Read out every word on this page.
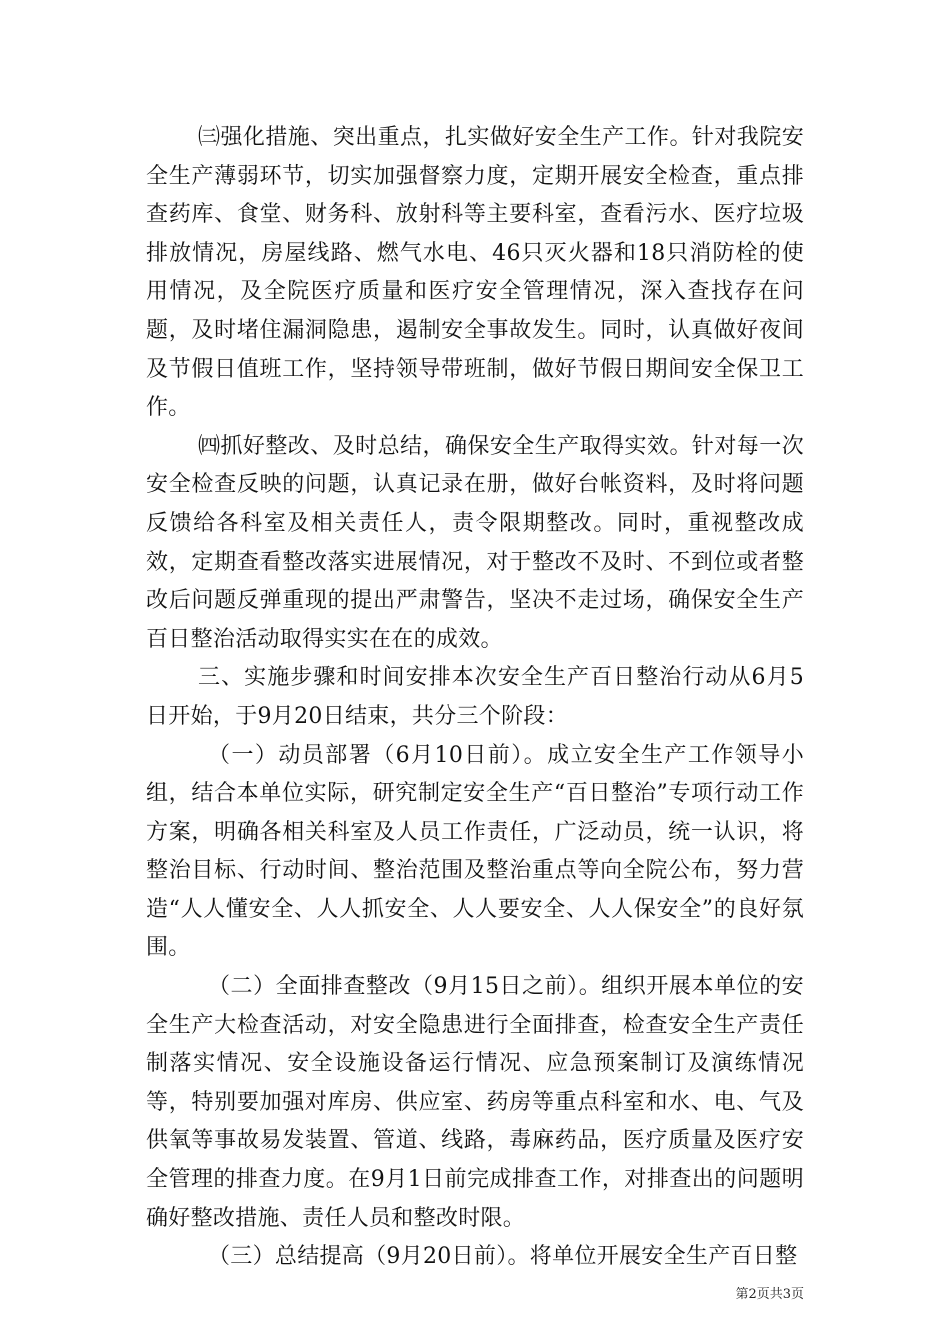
㈢强化措施、突出重点，扎实做好安全生产工作。针对我院安全生产薄弱环节，切实加强督察力度，定期开展安全检查，重点排查药库、食堂、财务科、放射科等主要科室，查看污水、医疗垃圾排放情况，房屋线路、燃气水电、46只灭火器和18只消防栓的使用情况，及全院医疗质量和医疗安全管理情况，深入查找存在问题，及时堵住漏洞隐患，遏制安全事故发生。同时，认真做好夜间及节假日值班工作，坚持领导带班制，做好节假日期间安全保卫工作。

㈣抓好整改、及时总结，确保安全生产取得实效。针对每一次安全检查反映的问题，认真记录在册，做好台帐资料，及时将问题反馈给各科室及相关责任人，责令限期整改。同时，重视整改成效，定期查看整改落实进展情况，对于整改不及时、不到位或者整改后问题反弹重现的提出严肃警告，坚决不走过场，确保安全生产百日整治活动取得实实在在的成效。

三、实施步骤和时间安排本次安全生产百日整治行动从6月5日开始，于9月20日结束，共分三个阶段：

（一）动员部署（6月10日前）。成立安全生产工作领导小组，结合本单位实际，研究制定安全生产“百日整治”专项行动工作方案，明确各相关科室及人员工作责任，广泛动员，统一认识，将整治目标、行动时间、整治范围及整治重点等向全院公布，努力营造“人人懂安全、人人抓安全、人人要安全、人人保安全”的良好氛围。

（二）全面排查整改（9月15日之前）。组织开展本单位的安全生产大检查活动，对安全隐患进行全面排查，检查安全生产责任制落实情况、安全设施设备运行情况、应急预案制订及演练情况等，特别要加强对库房、供应室、药房等重点科室和水、电、气及供氧等事故易发装置、管道、线路，毒麻药品，医疗质量及医疗安全管理的排查力度。在9月1日前完成排查工作，对排查出的问题明确好整改措施、责任人员和整改时限。

（三）总结提高（9月20日前）。将单位开展安全生产百日整

第2页共3页
